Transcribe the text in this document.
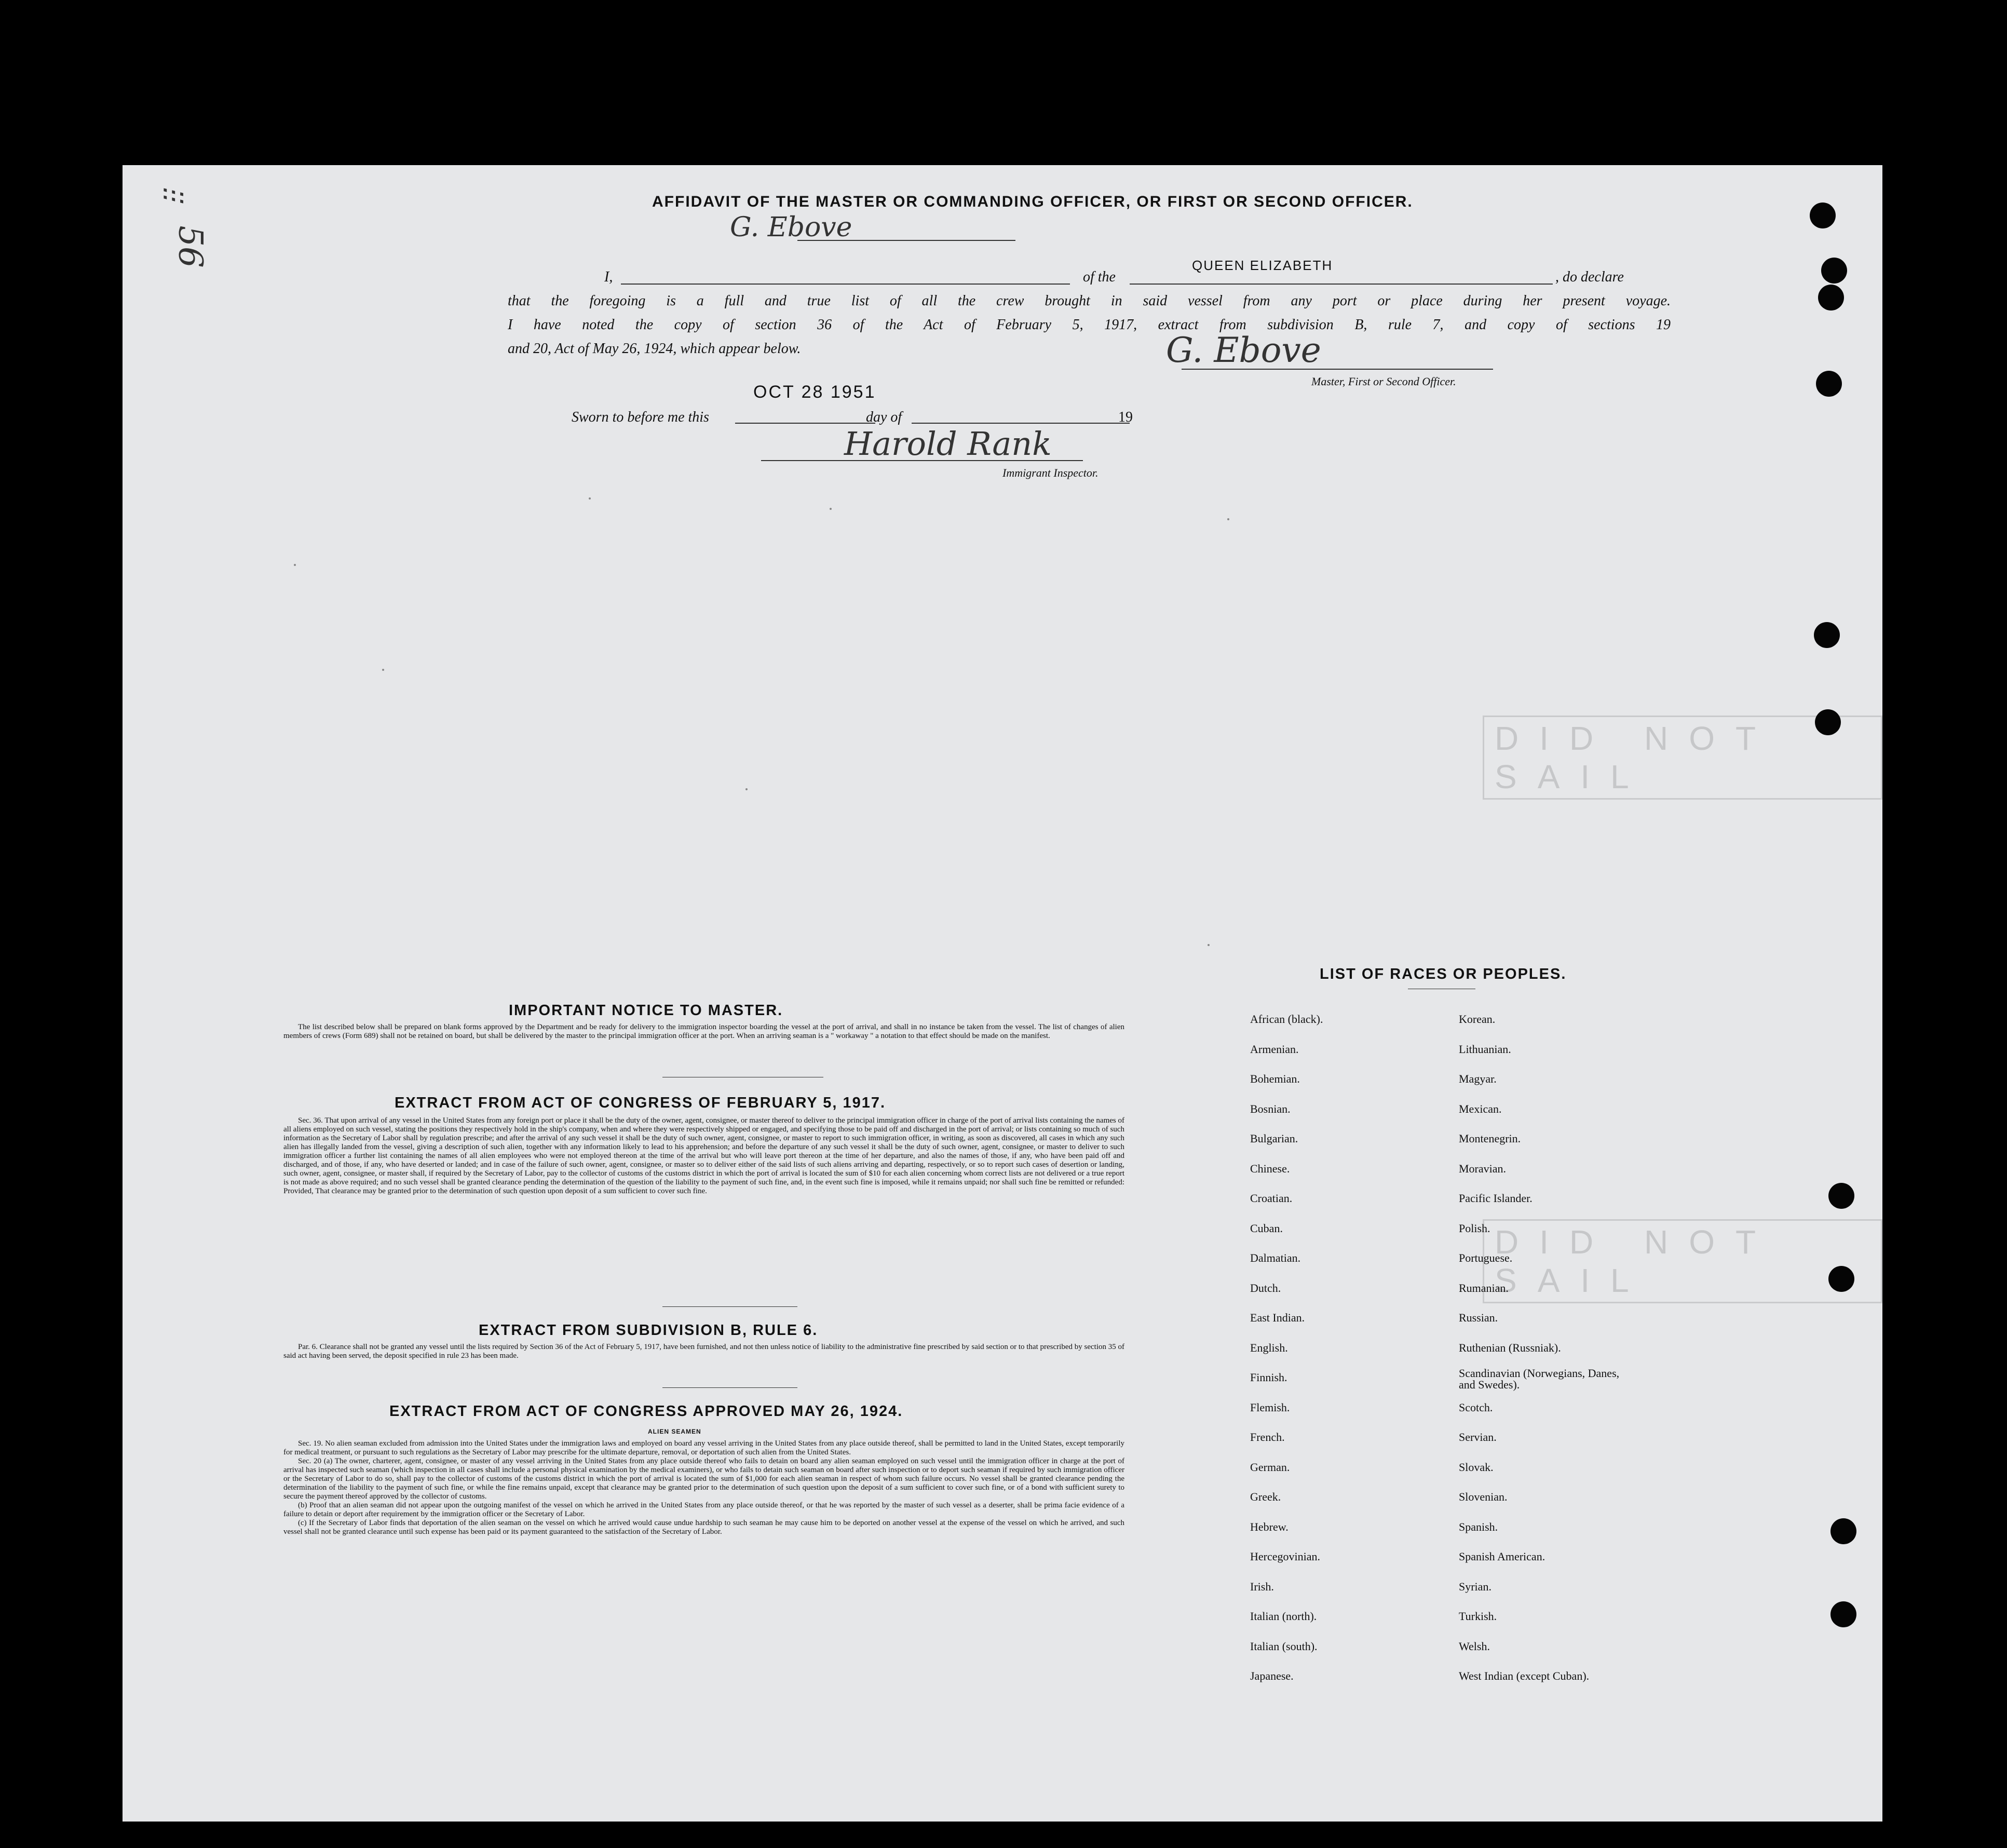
⫶⫶
56
AFFIDAVIT OF THE MASTER OR COMMANDING OFFICER, OR FIRST OR SECOND OFFICER.
G. Ebove
I,	of the
QUEEN ELIZABETH
, do declare
that the foregoing is a full and true list of all the crew brought in said vessel from any port or place during her present voyage.
I have noted the copy of section 36 of the Act of February 5, 1917, extract from subdivision B, rule 7, and copy of sections 19
and 20, Act of May 26, 1924, which appear below.	G. Ebove
Master, First or Second Officer.
OCT 28 1951
Sworn to before me this	day of	19
Harold Rank
Immigrant Inspector.
DID NOT SAIL
DID NOT SAIL
IMPORTANT NOTICE TO MASTER.

The list described below shall be prepared on blank forms approved by the Department and be ready for delivery to the immigration inspector boarding the vessel at the port of arrival, and shall in no instance be taken from the vessel. The list of changes of alien members of crews (Form 689) shall not be retained on board, but shall be delivered by the master to the principal immigration officer at the port. When an arriving seaman is a " workaway " a notation to that effect should be made on the manifest.

EXTRACT FROM ACT OF CONGRESS OF FEBRUARY 5, 1917.

Sec. 36. That upon arrival of any vessel in the United States from any foreign port or place it shall be the duty of the owner, agent, consignee, or master thereof to deliver to the principal immigration officer in charge of the port of arrival lists containing the names of all aliens employed on such vessel, stating the positions they respectively hold in the ship's company, when and where they were respectively shipped or engaged, and specifying those to be paid off and discharged in the port of arrival; or lists containing so much of such information as the Secretary of Labor shall by regulation prescribe; and after the arrival of any such vessel it shall be the duty of such owner, agent, consignee, or master to report to such immigration officer, in writing, as soon as discovered, all cases in which any such alien has illegally landed from the vessel, giving a description of such alien, together with any information likely to lead to his apprehension; and before the departure of any such vessel it shall be the duty of such owner, agent, consignee, or master to deliver to such immigration officer a further list containing the names of all alien employees who were not employed thereon at the time of the arrival but who will leave port thereon at the time of her departure, and also the names of those, if any, who have been paid off and discharged, and of those, if any, who have deserted or landed; and in case of the failure of such owner, agent, consignee, or master so to deliver either of the said lists of such aliens arriving and departing, respectively, or so to report such cases of desertion or landing, such owner, agent, consignee, or master shall, if required by the Secretary of Labor, pay to the collector of customs of the customs district in which the port of arrival is located the sum of $10 for each alien concerning whom correct lists are not delivered or a true report is not made as above required; and no such vessel shall be granted clearance pending the determination of the question of the liability to the payment of such fine, and, in the event such fine is imposed, while it remains unpaid; nor shall such fine be remitted or refunded: Provided, That clearance may be granted prior to the determination of such question upon deposit of a sum sufficient to cover such fine.

EXTRACT FROM SUBDIVISION B, RULE 6.

Par. 6. Clearance shall not be granted any vessel until the lists required by Section 36 of the Act of February 5, 1917, have been furnished, and not then unless notice of liability to the administrative fine prescribed by said section or to that prescribed by section 35 of said act having been served, the deposit specified in rule 23 has been made.

EXTRACT FROM ACT OF CONGRESS APPROVED MAY 26, 1924.
ALIEN SEAMEN

Sec. 19. No alien seaman excluded from admission into the United States under the immigration laws and employed on board any vessel arriving in the United States from any place outside thereof, shall be permitted to land in the United States, except temporarily for medical treatment, or pursuant to such regulations as the Secretary of Labor may prescribe for the ultimate departure, removal, or deportation of such alien from the United States.

Sec. 20 (a) The owner, charterer, agent, consignee, or master of any vessel arriving in the United States from any place outside thereof who fails to detain on board any alien seaman employed on such vessel until the immigration officer in charge at the port of arrival has inspected such seaman (which inspection in all cases shall include a personal physical examination by the medical examiners), or who fails to detain such seaman on board after such inspection or to deport such seaman if required by such immigration officer or the Secretary of Labor to do so, shall pay to the collector of customs of the customs district in which the port of arrival is located the sum of $1,000 for each alien seaman in respect of whom such failure occurs. No vessel shall be granted clearance pending the determination of the liability to the payment of such fine, or while the fine remains unpaid, except that clearance may be granted prior to the determination of such question upon the deposit of a sum sufficient to cover such fine, or of a bond with sufficient surety to secure the payment thereof approved by the collector of customs.

(b) Proof that an alien seaman did not appear upon the outgoing manifest of the vessel on which he arrived in the United States from any place outside thereof, or that he was reported by the master of such vessel as a deserter, shall be prima facie evidence of a failure to detain or deport after requirement by the immigration officer or the Secretary of Labor.

(c) If the Secretary of Labor finds that deportation of the alien seaman on the vessel on which he arrived would cause undue hardship to such seaman he may cause him to be deported on another vessel at the expense of the vessel on which he arrived, and such vessel shall not be granted clearance until such expense has been paid or its payment guaranteed to the satisfaction of the Secretary of Labor.

LIST OF RACES OR PEOPLES.
African (black).
Armenian.
Bohemian.
Bosnian.
Bulgarian.
Chinese.
Croatian.
Cuban.
Dalmatian.
Dutch.
East Indian.
English.
Finnish.
Flemish.
French.
German.
Greek.
Hebrew.
Hercegovinian.
Irish.
Italian (north).
Italian (south).
Japanese.
Korean.
Lithuanian.
Magyar.
Mexican.
Montenegrin.
Moravian.
Pacific Islander.
Polish.
Portuguese.
Rumanian.
Russian.
Ruthenian (Russniak).
Scandinavian (Norwegians, Danes, and Swedes).
Scotch.
Servian.
Slovak.
Slovenian.
Spanish.
Spanish American.
Syrian.
Turkish.
Welsh.
West Indian (except Cuban).
